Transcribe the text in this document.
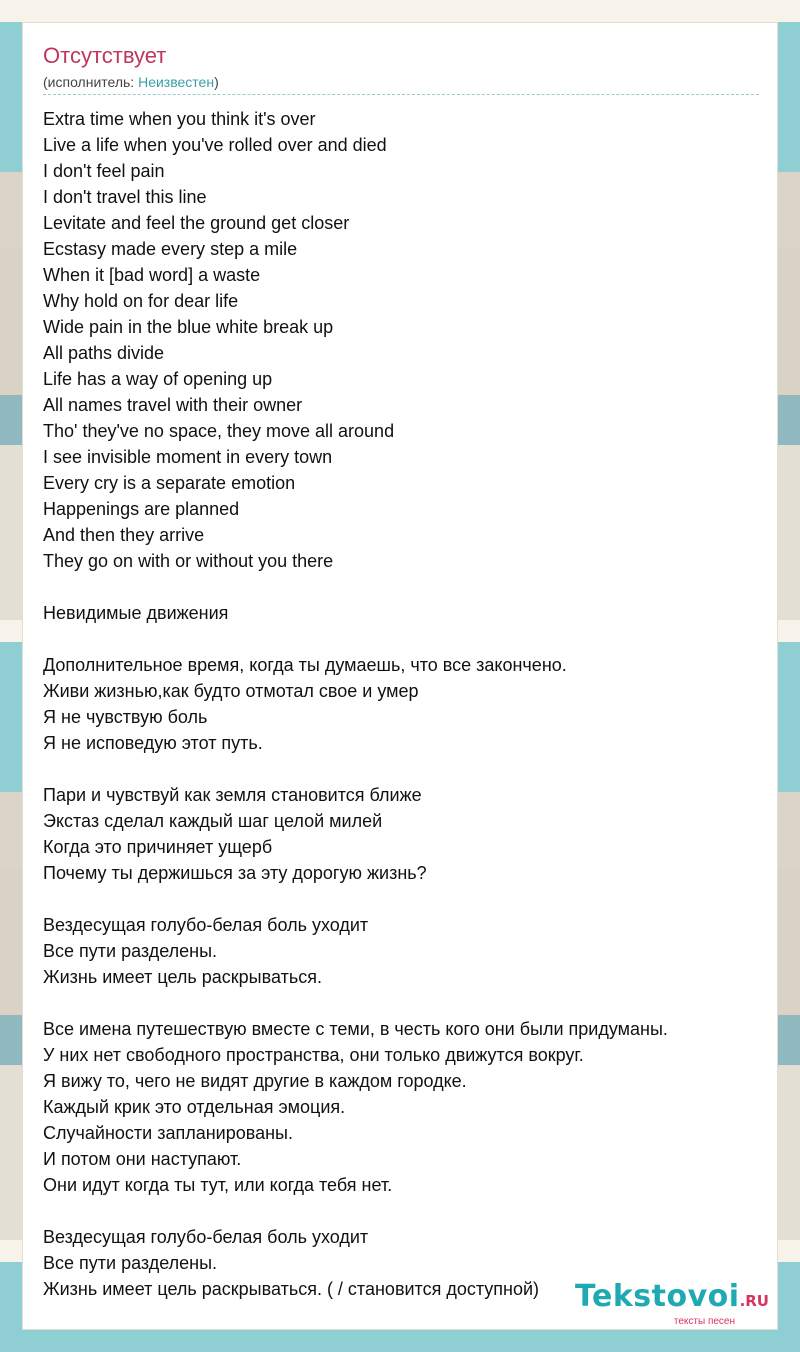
Отсутствует
(исполнитель: Неизвестен)
Extra time when you think it's over
Live a life when you've rolled over and died
I don't feel pain
I don't travel this line
Levitate and feel the ground get closer
Ecstasy made every step a mile
When it [bad word] a waste
Why hold on for dear life
Wide pain in the blue white break up
All paths divide
Life has a way of opening up
All names travel with their owner
Tho' they've no space, they move all around
I see invisible moment in every town
Every cry is a separate emotion
Happenings are planned
And then they arrive
They go on with or without you there
Невидимые движения
Дополнительное время, когда ты думаешь, что все закончено.
Живи жизнью,как будто отмотал свое и умер
Я не чувствую боль
Я не исповедую этот путь.
Пари и чувствуй как земля становится ближе
Экстаз сделал каждый шаг целой милей
Когда это причиняет ущерб
Почему ты держишься за эту дорогую жизнь?
Вездесущая голубо-белая боль уходит
Все пути разделены.
Жизнь имеет цель раскрываться.
Все имена путешествую вместе с теми, в честь кого они были придуманы.
У них нет свободного пространства, они только движутся вокруг.
Я вижу то, чего не видят другие в каждом городке.
Каждый крик это отдельная эмоция.
Случайности запланированы.
И потом они наступают.
Они идут когда ты тут, или когда тебя нет.
Вездесущая голубо-белая боль уходит
Все пути разделены.
Жизнь имеет цель раскрываться. ( / становится доступной)	Tekstovoi.RU
тексты песен
